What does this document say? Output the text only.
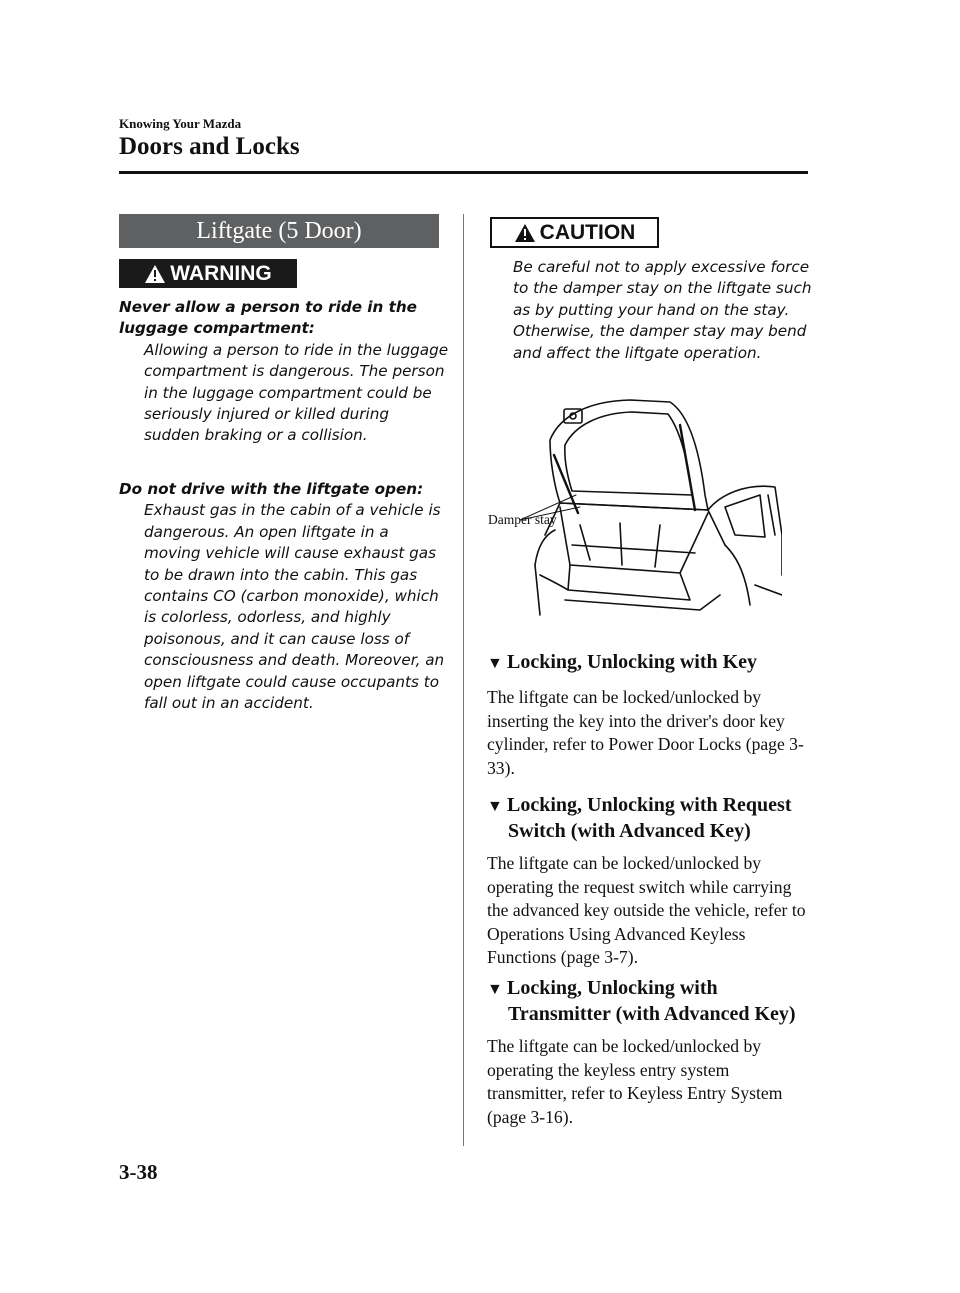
Knowing Your Mazda
Doors and Locks
Liftgate (5 Door)
WARNING
Never allow a person to ride in the luggage compartment:
Allowing a person to ride in the luggage compartment is dangerous. The person in the luggage compartment could be seriously injured or killed during sudden braking or a collision.
Do not drive with the liftgate open:
Exhaust gas in the cabin of a vehicle is dangerous. An open liftgate in a moving vehicle will cause exhaust gas to be drawn into the cabin. This gas contains CO (carbon monoxide), which is colorless, odorless, and highly poisonous, and it can cause loss of consciousness and death. Moreover, an open liftgate could cause occupants to fall out in an accident.
CAUTION
Be careful not to apply excessive force to the damper stay on the liftgate such as by putting your hand on the stay. Otherwise, the damper stay may bend and affect the liftgate operation.
Damper stay
▼ Locking, Unlocking with Key
The liftgate can be locked/unlocked by inserting the key into the driver's door key cylinder, refer to Power Door Locks (page 3-33).
▼ Locking, Unlocking with Request
Switch (with Advanced Key)
The liftgate can be locked/unlocked by operating the request switch while carrying the advanced key outside the vehicle, refer to Operations Using Advanced Keyless Functions (page 3-7).
▼ Locking, Unlocking with
Transmitter (with Advanced Key)
The liftgate can be locked/unlocked by operating the keyless entry system transmitter, refer to Keyless Entry System (page 3-16).
3-38
